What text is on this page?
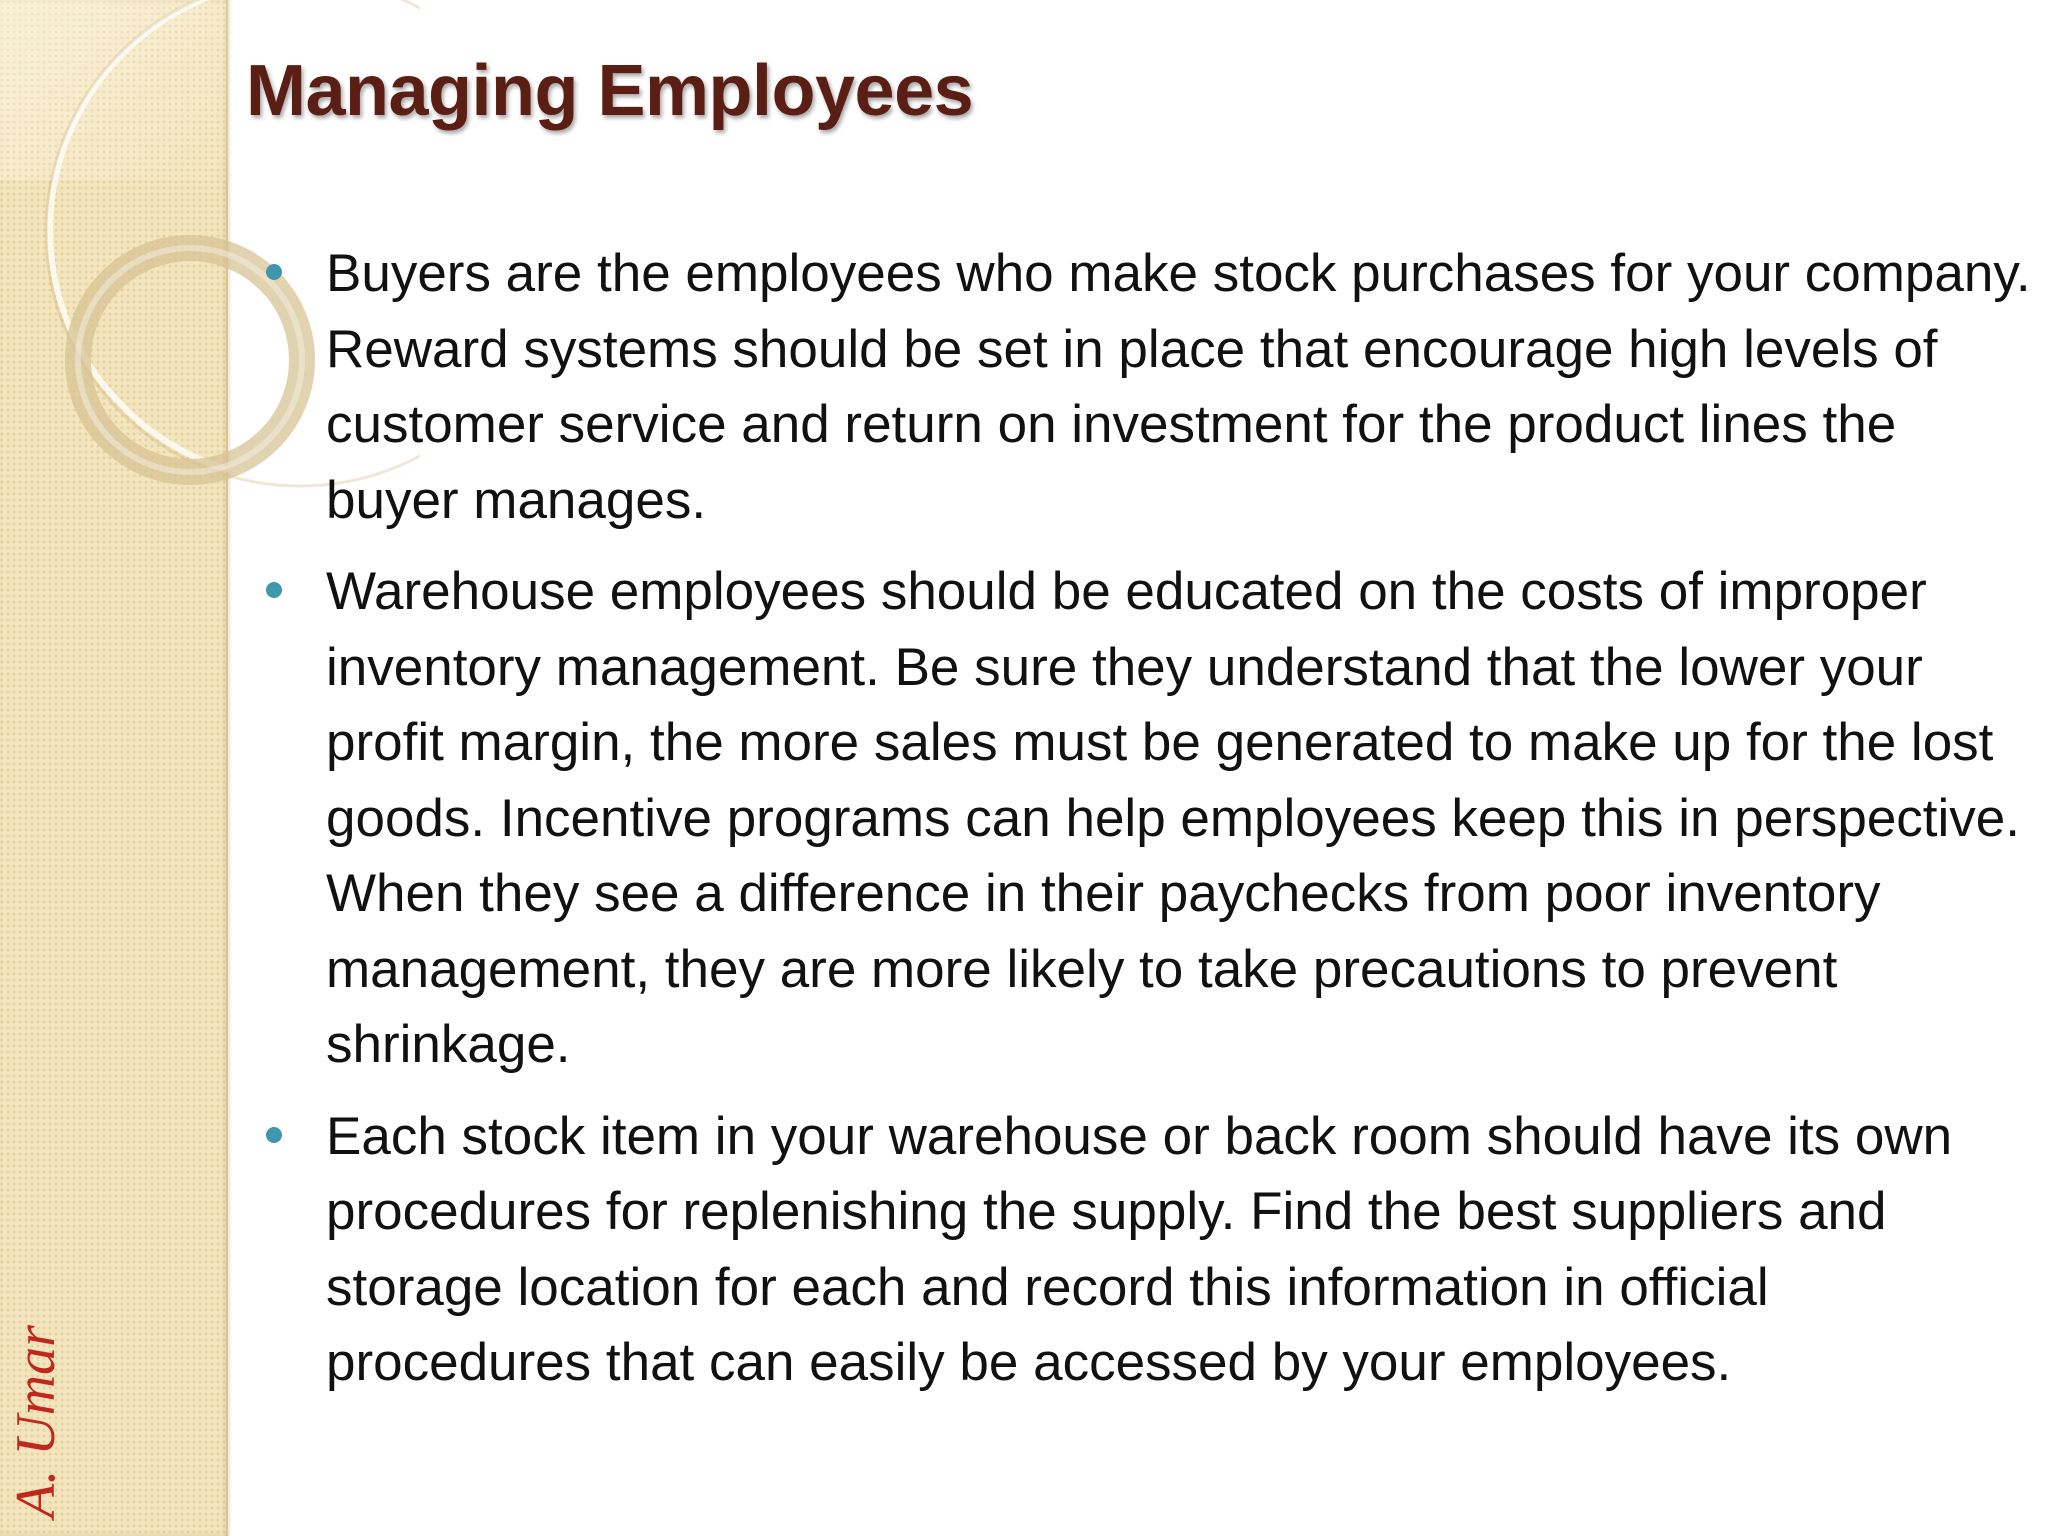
Managing Employees
Buyers are the employees who make stock purchases for your company. Reward systems should be set in place that encourage high levels of customer service and return on investment for the product lines the buyer manages.
Warehouse employees should be educated on the costs of improper inventory management. Be sure they understand that the lower your profit margin, the more sales must be generated to make up for the lost goods. Incentive programs can help employees keep this in perspective. When they see a difference in their paychecks from poor inventory management, they are more likely to take precautions to prevent shrinkage.
Each stock item in your warehouse or back room should have its own procedures for replenishing the supply. Find the best suppliers and storage location for each and record this information in official procedures that can easily be accessed by your employees.
A. Umar
